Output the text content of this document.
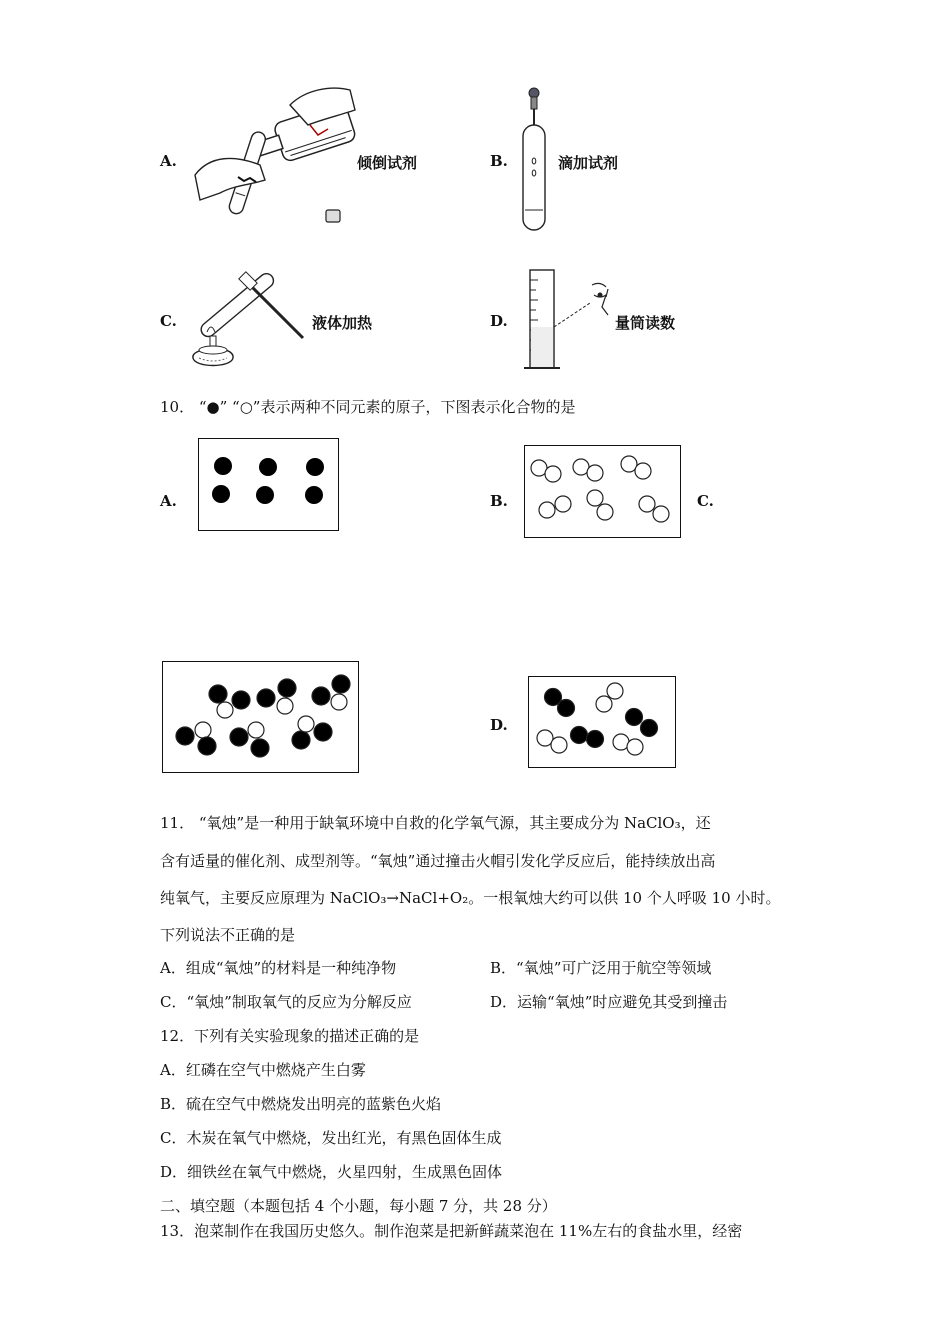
A.	倾倒试剂	B.	滴加试剂
C.	液体加热	D.	量筒读数
10． “●” “○”表示两种不同元素的原子，下图表示化合物的是
A.	B.	C.
D.
11． “氧烛”是一种用于缺氧环境中自救的化学氧气源，其主要成分为 NaClO₃，还
含有适量的催化剂、成型剂等。“氧烛”通过撞击火帽引发化学反应后，能持续放出高
纯氧气，主要反应原理为 NaClO₃→NaCl+O₂。一根氧烛大约可以供 10 个人呼吸 10 小时。
下列说法不正确的是
A．组成“氧烛”的材料是一种纯净物	B．“氧烛”可广泛用于航空等领域
C．“氧烛”制取氧气的反应为分解反应	D．运输“氧烛”时应避免其受到撞击
12．下列有关实验现象的描述正确的是
A．红磷在空气中燃烧产生白雾
B．硫在空气中燃烧发出明亮的蓝紫色火焰
C．木炭在氧气中燃烧，发出红光，有黑色固体生成
D．细铁丝在氧气中燃烧，火星四射，生成黑色固体
二、填空题（本题包括 4 个小题，每小题 7 分，共 28 分）
13．泡菜制作在我国历史悠久。制作泡菜是把新鲜蔬菜泡在 11%左右的食盐水里，经密
